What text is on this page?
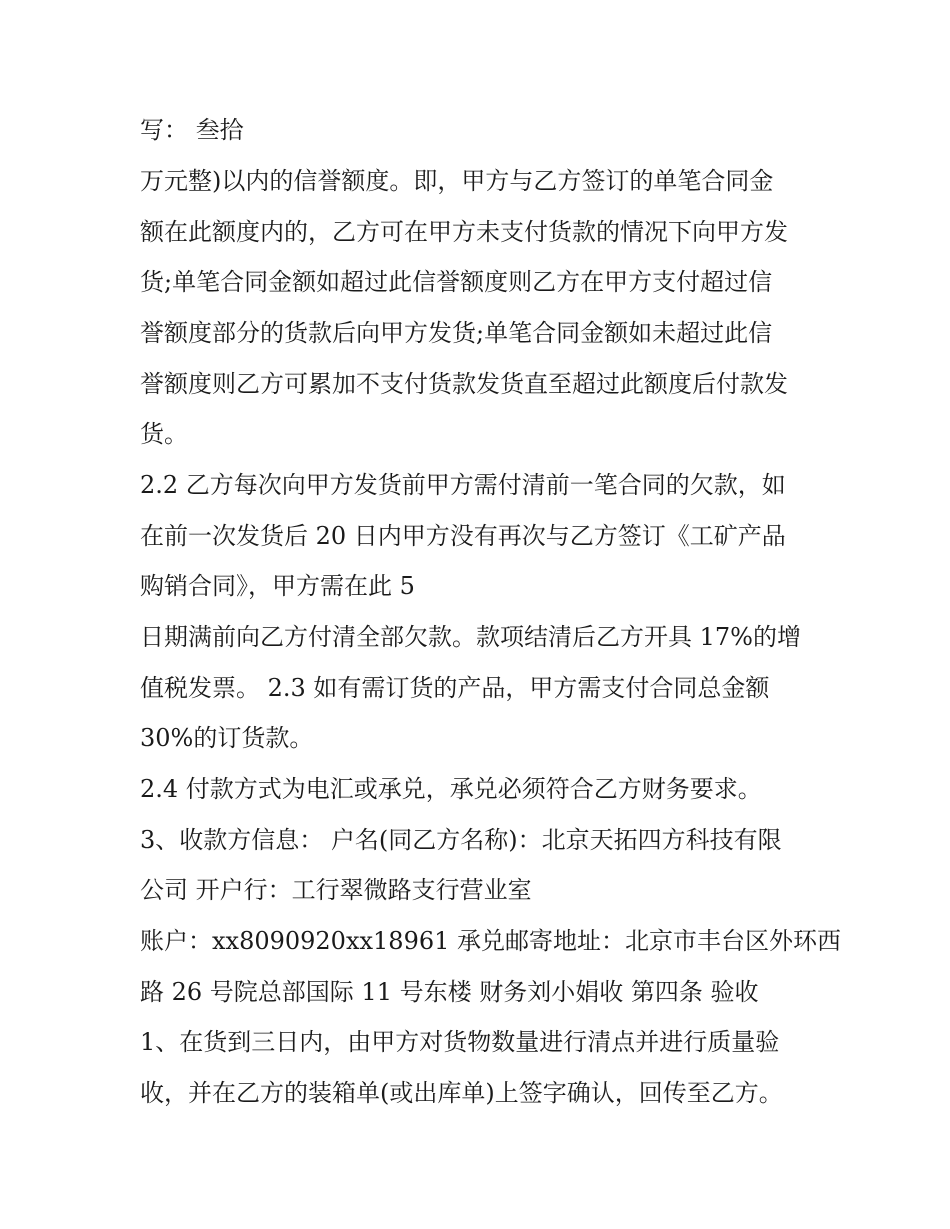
写： 叁拾
万元整)以内的信誉额度。即，甲方与乙方签订的单笔合同金
额在此额度内的，乙方可在甲方未支付货款的情况下向甲方发
货;单笔合同金额如超过此信誉额度则乙方在甲方支付超过信
誉额度部分的货款后向甲方发货;单笔合同金额如未超过此信
誉额度则乙方可累加不支付货款发货直至超过此额度后付款发
货。
2.2 乙方每次向甲方发货前甲方需付清前一笔合同的欠款，如
在前一次发货后 20 日内甲方没有再次与乙方签订《工矿产品
购销合同》，甲方需在此 5
日期满前向乙方付清全部欠款。款项结清后乙方开具 17%的增
值税发票。 2.3 如有需订货的产品，甲方需支付合同总金额
30%的订货款。
2.4 付款方式为电汇或承兑，承兑必须符合乙方财务要求。
3、收款方信息： 户名(同乙方名称)：北京天拓四方科技有限
公司 开户行：工行翠微路支行营业室
账户：xx8090920xx18961 承兑邮寄地址：北京市丰台区外环西
路 26 号院总部国际 11 号东楼 财务刘小娟收 第四条 验收
1、在货到三日内，由甲方对货物数量进行清点并进行质量验
收，并在乙方的装箱单(或出库单)上签字确认，回传至乙方。
